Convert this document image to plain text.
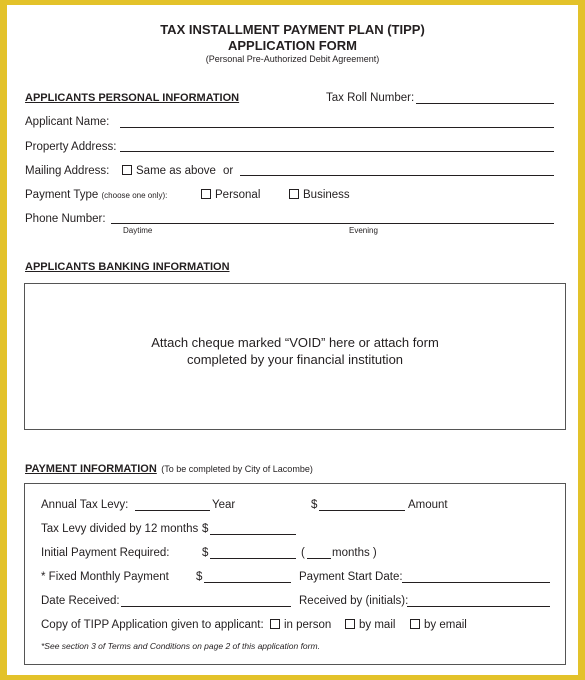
TAX INSTALLMENT PAYMENT PLAN (TIPP)
APPLICATION FORM
(Personal Pre-Authorized Debit Agreement)
APPLICANTS PERSONAL INFORMATION	Tax Roll Number:
Applicant Name:
Property Address:
Mailing Address:	Same as above or
Payment Type (choose one only):	Personal	Business
Phone Number:
Daytime	Evening
APPLICANTS BANKING INFORMATION
Attach cheque marked “VOID” here or attach form
completed by your financial institution
PAYMENT INFORMATION (To be completed by City of Lacombe)
Annual Tax Levy:	Year	$	Amount
Tax Levy divided by 12 months $
Initial Payment Required:	$	( months )
* Fixed Monthly Payment $	Payment Start Date:
Date Received:	Received by (initials):
Copy of TIPP Application given to applicant:	in person	by mail	by email
*See section 3 of Terms and Conditions on page 2 of this application form.
